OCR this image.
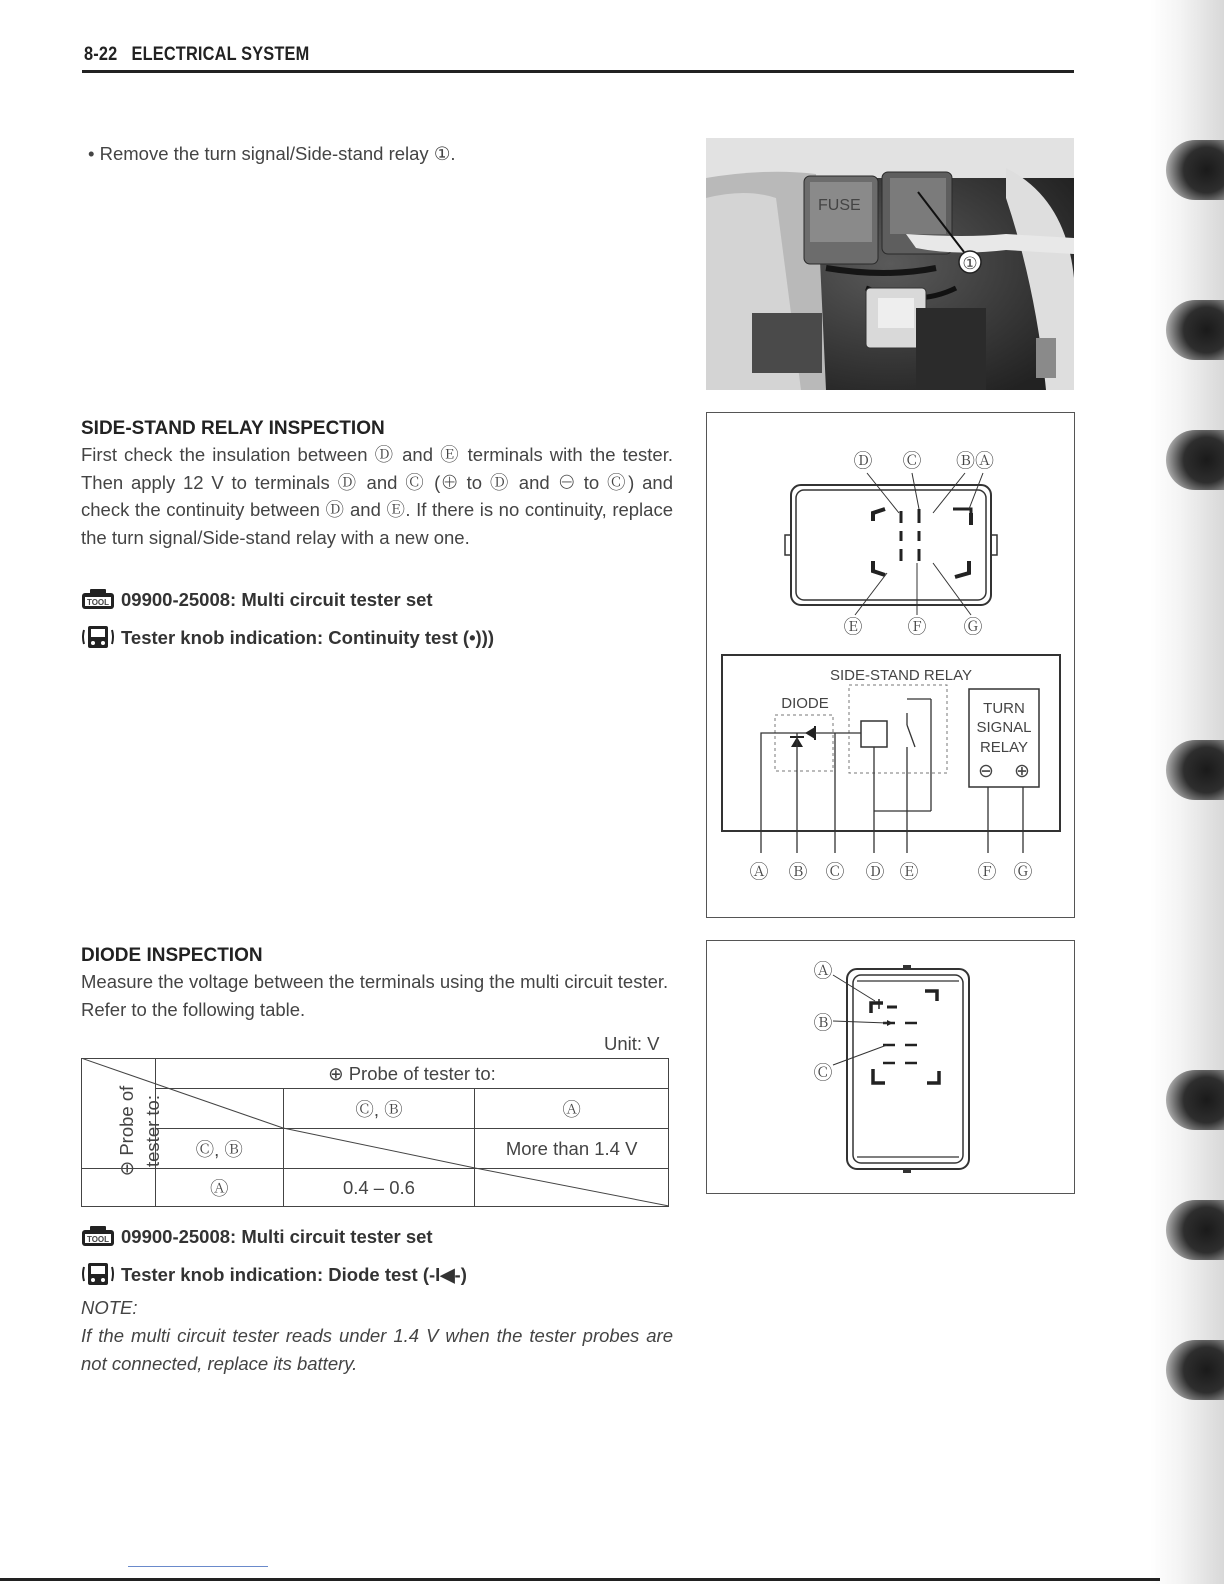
8-22 ELECTRICAL SYSTEM
• Remove the turn signal/Side-stand relay ①.
FUSE
①
SIDE-STAND RELAY INSPECTION
First check the insulation between Ⓓ and Ⓔ terminals with the tester. Then apply 12 V to terminals Ⓓ and Ⓒ (⊕ to Ⓓ and ⊖ to Ⓒ) and check the continuity between Ⓓ and Ⓔ. If there is no continuity, replace the turn signal/Side-stand relay with a new one.
TOOL 09900-25008: Multi circuit tester set
Tester knob indication: Continuity test (•)))
Ⓓ Ⓒ ⒷⒶ
Ⓔ Ⓕ Ⓖ
SIDE-STAND RELAY
DIODE	TURN
SIGNAL
RELAY
⊖ ⊕
Ⓐ Ⓑ Ⓒ Ⓓ Ⓔ	Ⓕ Ⓖ
DIODE INSPECTION
Measure the voltage between the terminals using the multi circuit tester. Refer to the following table.
Unit: V
⊖ Probe of tester to:	⊕ Probe of tester to:		
		Ⓒ, Ⓑ	Ⓐ
	Ⓒ, Ⓑ		More than 1.4 V
	Ⓐ	0.4 – 0.6	
TOOL 09900-25008: Multi circuit tester set
Tester knob indication: Diode test (-I◀-)
NOTE:
If the multi circuit tester reads under 1.4 V when the tester probes are not connected, replace its battery.
Ⓐ
Ⓑ
Ⓒ
